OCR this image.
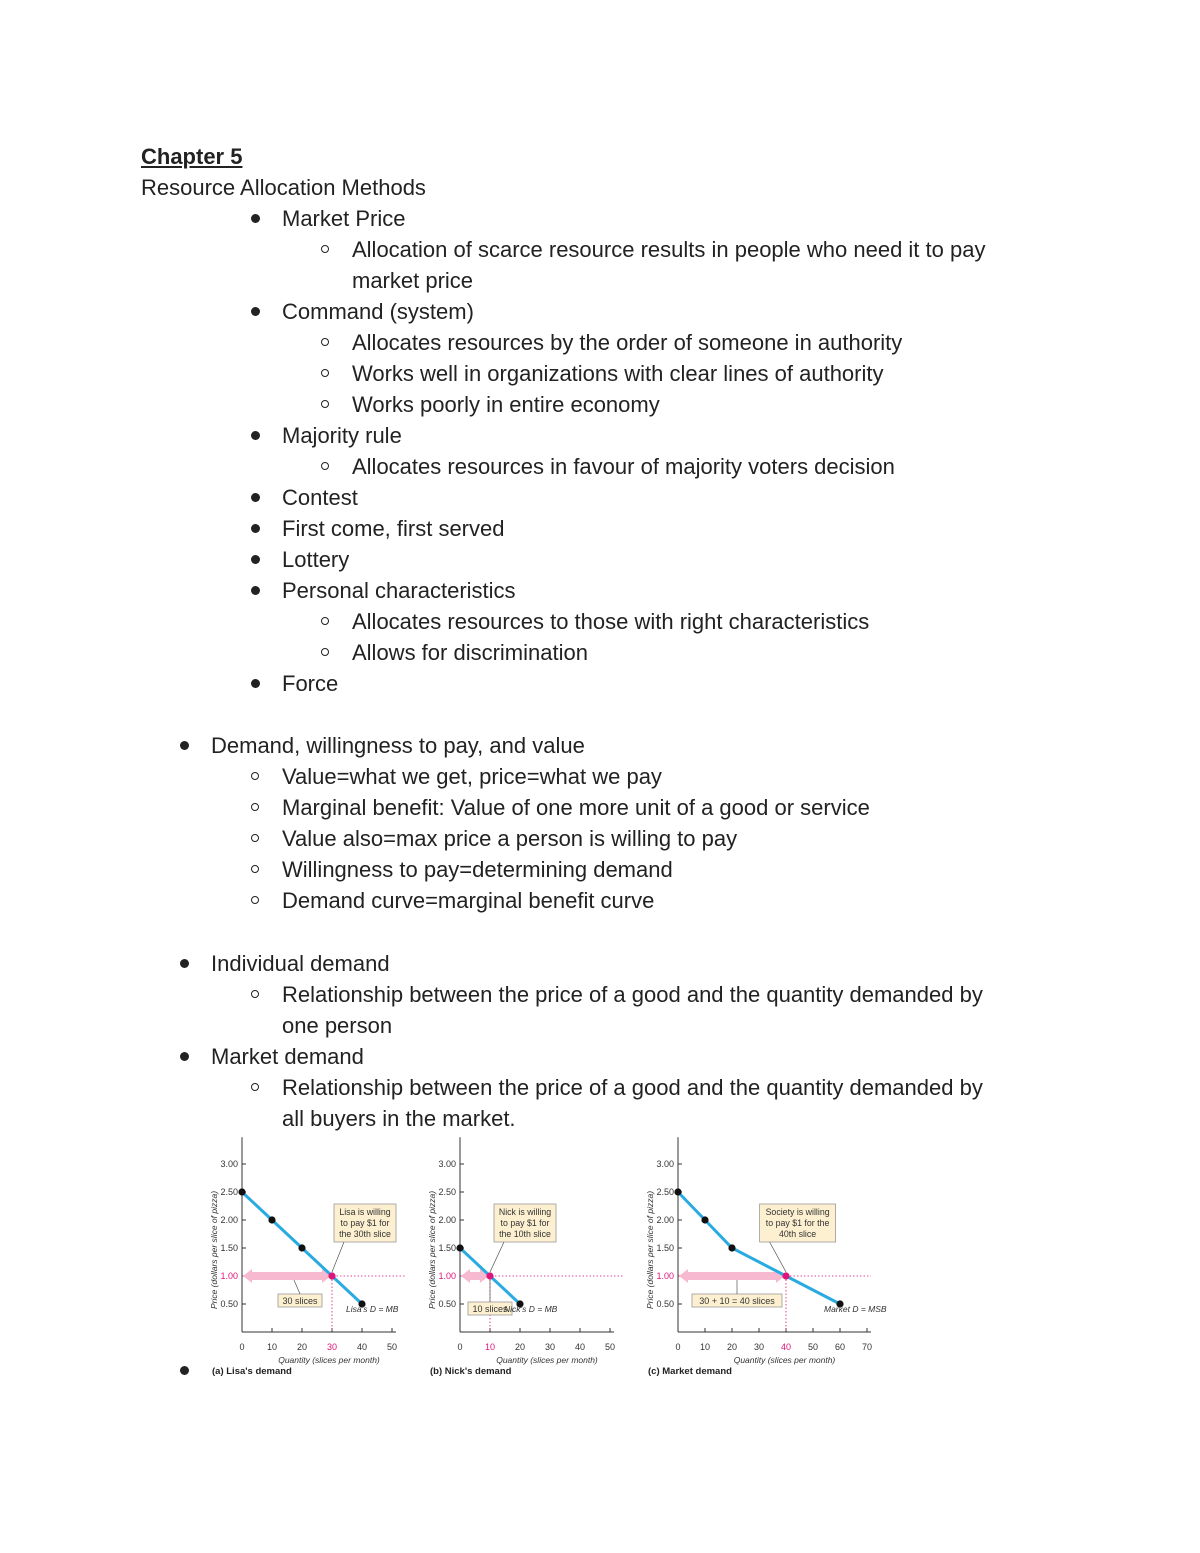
Chapter 5
Resource Allocation Methods
Market Price
Allocation of scarce resource results in people who need it to pay
market price
Command (system)
Allocates resources by the order of someone in authority
Works well in organizations with clear lines of authority
Works poorly in entire economy
Majority rule
Allocates resources in favour of majority voters decision
Contest
First come, first served
Lottery
Personal characteristics
Allocates resources to those with right characteristics
Allows for discrimination
Force
Demand, willingness to pay, and value
Value=what we get, price=what we pay
Marginal benefit: Value of one more unit of a good or service
Value also=max price a person is willing to pay
Willingness to pay=determining demand
Demand curve=marginal benefit curve
Individual demand
Relationship between the price of a good and the quantity demanded by
one person
Market demand
Relationship between the price of a good and the quantity demanded by
all buyers in the market.
0.50
1.00
1.50
2.00
2.50
3.00
0 10 20 30 40 50
Quantity (slices per month)
Price (dollars per slice of pizza)	Lisa is willing
to pay $1 for
the 30th slice
30 slices
Lisa's D = MB
(a) Lisa's demand
0.50
1.00
1.50
2.00
2.50
3.00
0 10 20 30 40 50
Quantity (slices per month)
Price (dollars per slice of pizza)	Nick is willing
to pay $1 for
the 10th slice
10 slices
Nick's D = MB
(b) Nick's demand
0.50
1.00
1.50
2.00
2.50
3.00
0 10 20 30 40 50 60 70
Quantity (slices per month)
Price (dollars per slice of pizza)	Society is willing
to pay $1 for the
40th slice
30 + 10 = 40 slices
Market D = MSB
(c) Market demand
